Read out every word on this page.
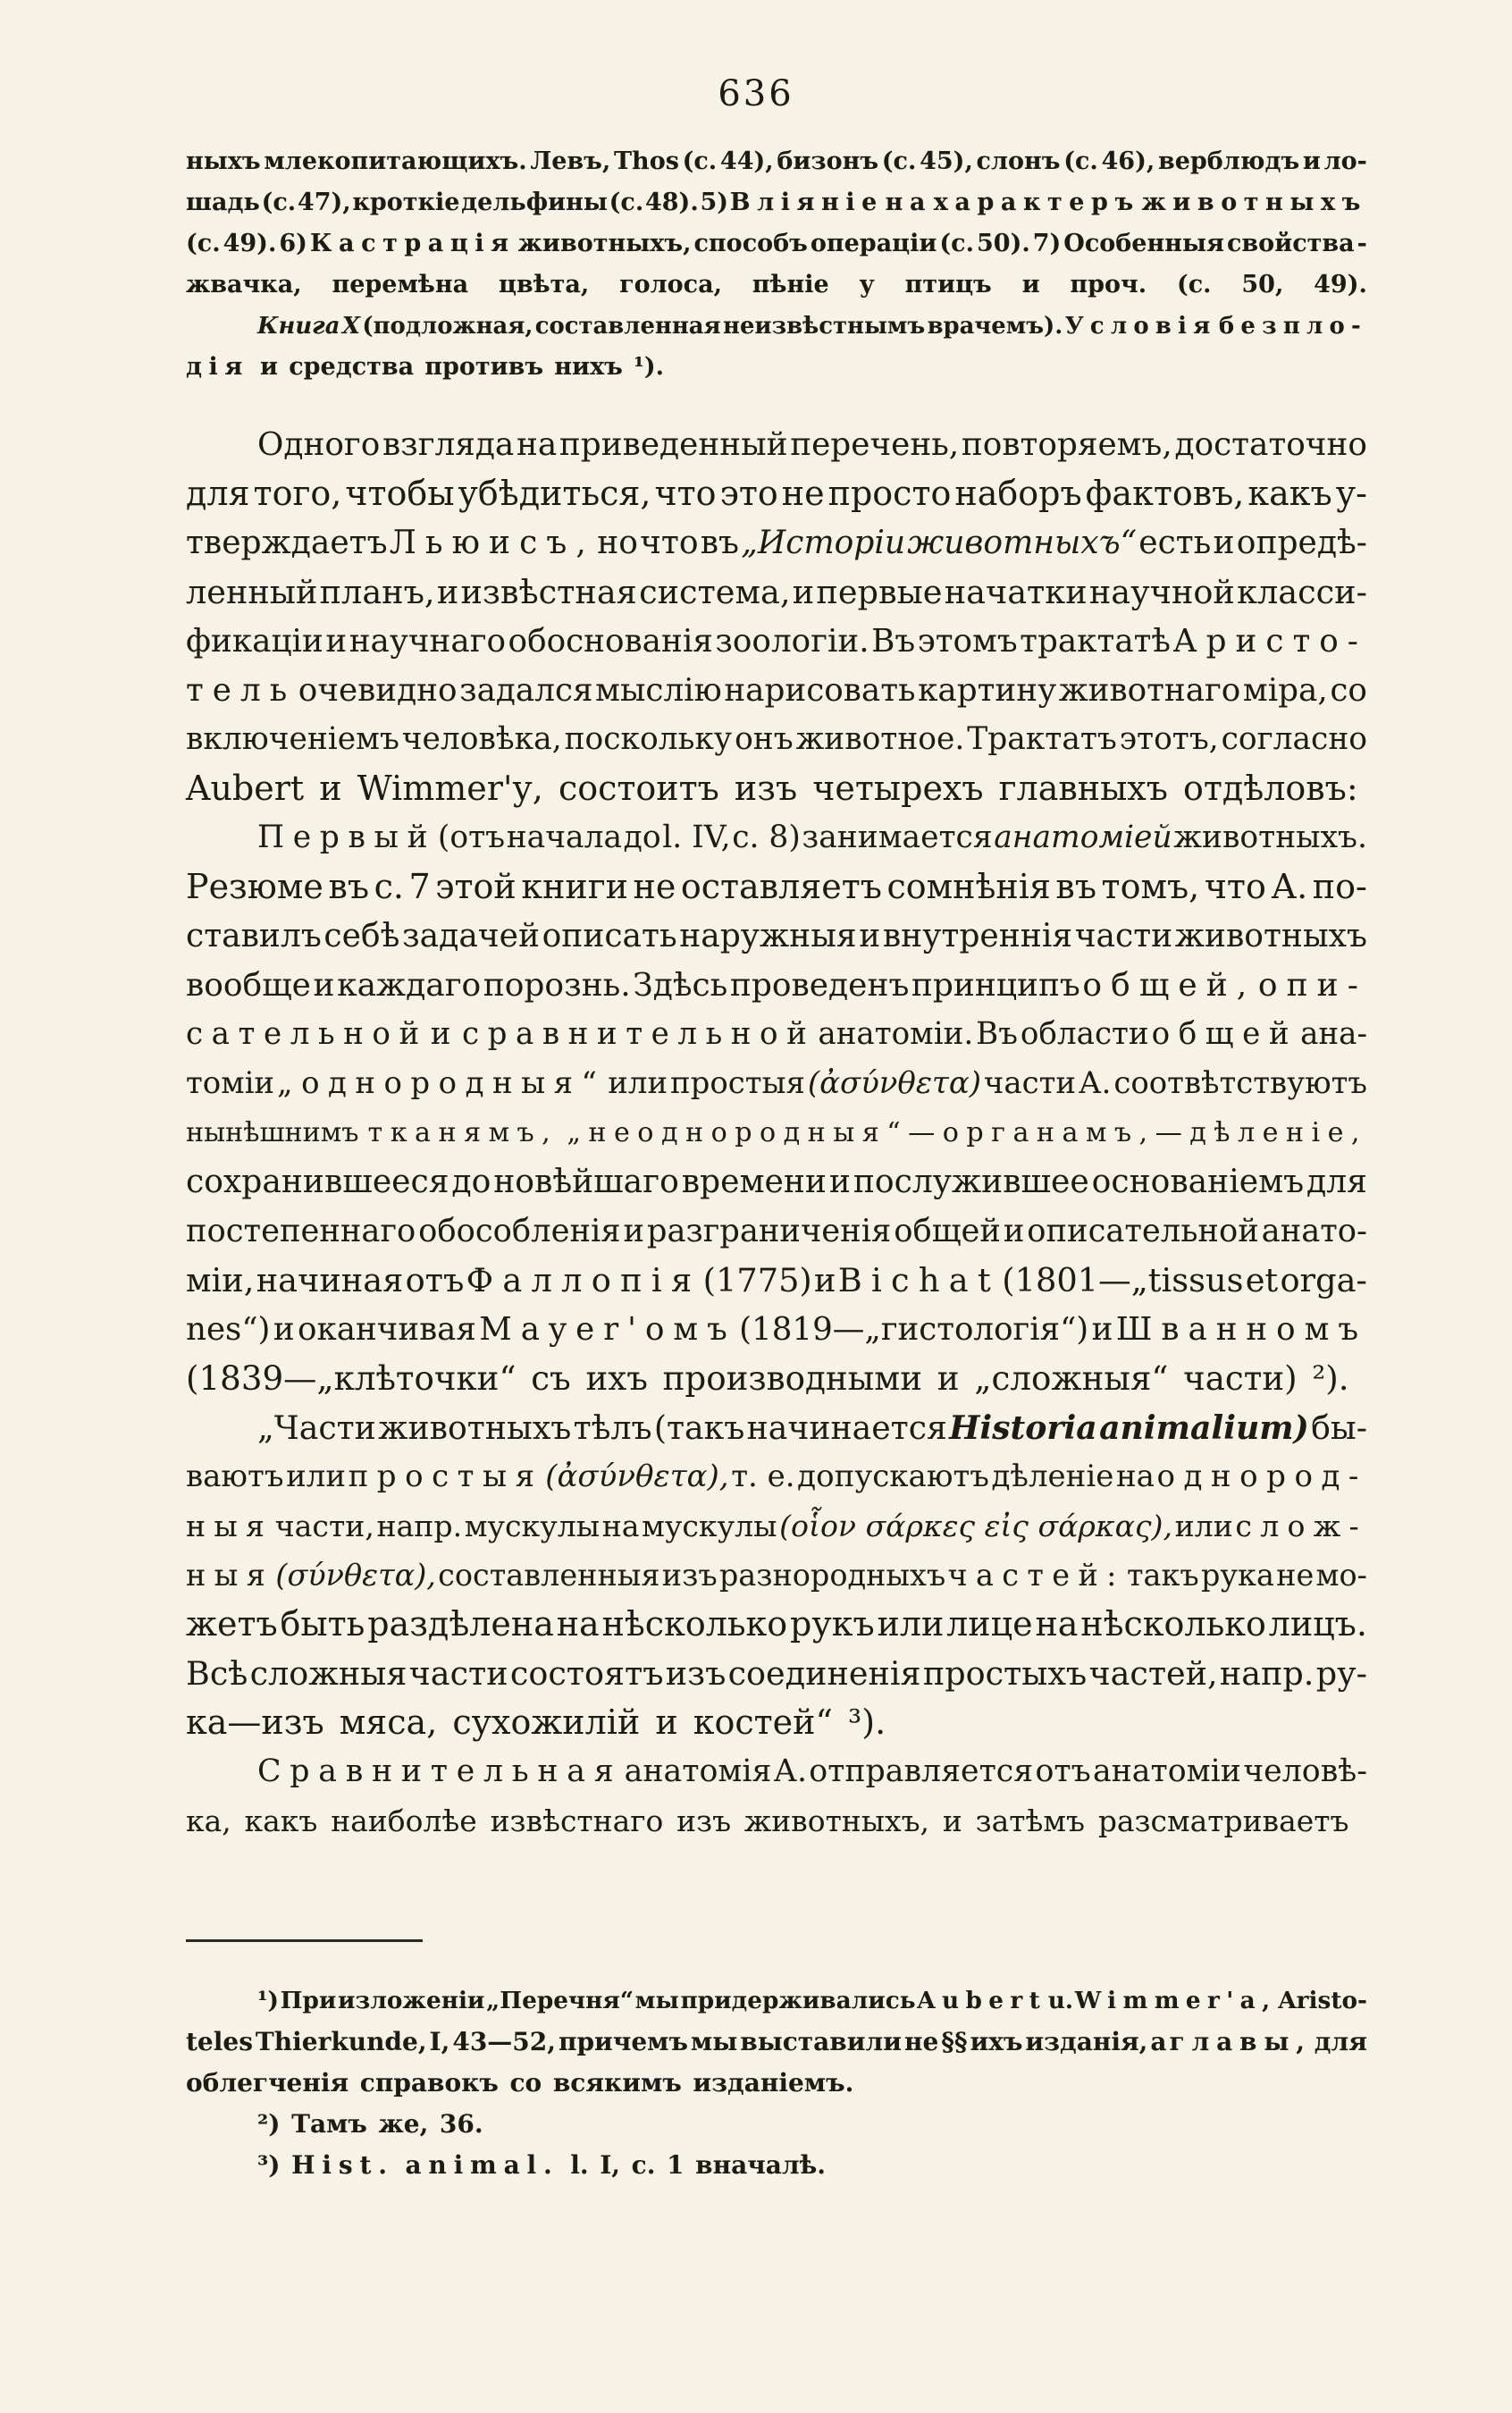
636
ныхъ млекопитающихъ. Левъ, Thos (с. 44), бизонъ (с. 45), слонъ (с. 46), верблюдъ и ло-
шадь (с. 47), кроткіе дельфины (с. 48). 5) Вліяніе на характеръ животныхъ
(с. 49). 6) Кастрація животныхъ, способъ операціи (с. 50). 7) Особенныя свойства -
жвачка, перемѣна цвѣта, голоса, пѣніе у птицъ и проч. (с. 50, 49).
Книга X (подложная, составленная неизвѣстнымъ врачемъ). Условія безпло-
дія и средства противъ нихъ ¹).
Одного взгляда на приведенный перечень, повторяемъ, достаточно
для того, чтобы убѣдиться, что это не просто наборъ фактовъ, какъ у-
тверждаетъ Льюисъ, но что въ „Исторіи животныхъ“ есть и опредѣ-
ленный планъ, и извѣстная система, и первые начатки научной класси-
фикаціи и научнаго обоснованія зоологіи. Въ этомъ трактатѣ Аристо-
тель очевидно задался мыслію нарисовать картину животнаго міра, со
включеніемъ человѣка, поскольку онъ животное. Трактатъ этотъ, согласно
Aubert и Wimmer'у, состоитъ изъ четырехъ главныхъ отдѣловъ:
Первый (отъ начала до l. IV, c. 8) занимается анатоміей животныхъ.
Резюме въ с. 7 этой книги не оставляетъ сомнѣнія въ томъ, что А. по-
ставилъ себѣ задачей описать наружныя и внутреннія части животныхъ
вообще и каждаго порознь. Здѣсь проведенъ принципъ общей, опи-
сательной и сравнительной анатоміи. Въ области общей ана-
томіи „однородныя“ или простыя (ἀσύνθετα) части А. соотвѣтствуютъ
нынѣшнимъ тканямъ, „неоднородныя“—органамъ,—дѣленіе,
сохранившееся до новѣйшаго времени и послужившее основаніемъ для
постепеннаго обособленія и разграниченія общей и описательной анато-
міи, начиная отъ Фаллопія (1775) и Bichat (1801—„tissus et orga-
nes“) и оканчивая Mayer'омъ (1819—„гистологія“) и Шванномъ
(1839—„клѣточки“ съ ихъ производными и „сложныя“ части) ²).
„Части животныхъ тѣлъ (такъ начинается Historia animalium) бы-
ваютъ или простыя (ἀσύνθετα), т. е. допускаютъ дѣленіе на однород-
ныя части, напр. мускулы на мускулы (οἷον σάρκες εἰς σάρκας), или слож-
ныя (σύνθετα), составленныя изъ разнородныхъ частей: такъ рука не мо-
жетъ быть раздѣлена на нѣсколько рукъ или лице на нѣсколько лицъ.
Всѣ сложныя части состоятъ изъ соединенія простыхъ частей, напр. ру-
ка—изъ мяса, сухожилій и костей“ ³).
Сравнительная анатомія А. отправляется отъ анатоміи человѣ-
ка, какъ наиболѣе извѣстнаго изъ животныхъ, и затѣмъ разсматриваетъ
¹) При изложеніи „Перечня“ мы придерживались Aubert u. Wimmer'a, Aristo-
teles Thierkunde, I, 43—52, причемъ мы выставили не §§ ихъ изданія, а главы, для
облегченія справокъ со всякимъ изданіемъ.
²) Тамъ же, 36.
³) Hist. animal. l. I, c. 1 вначалѣ.
